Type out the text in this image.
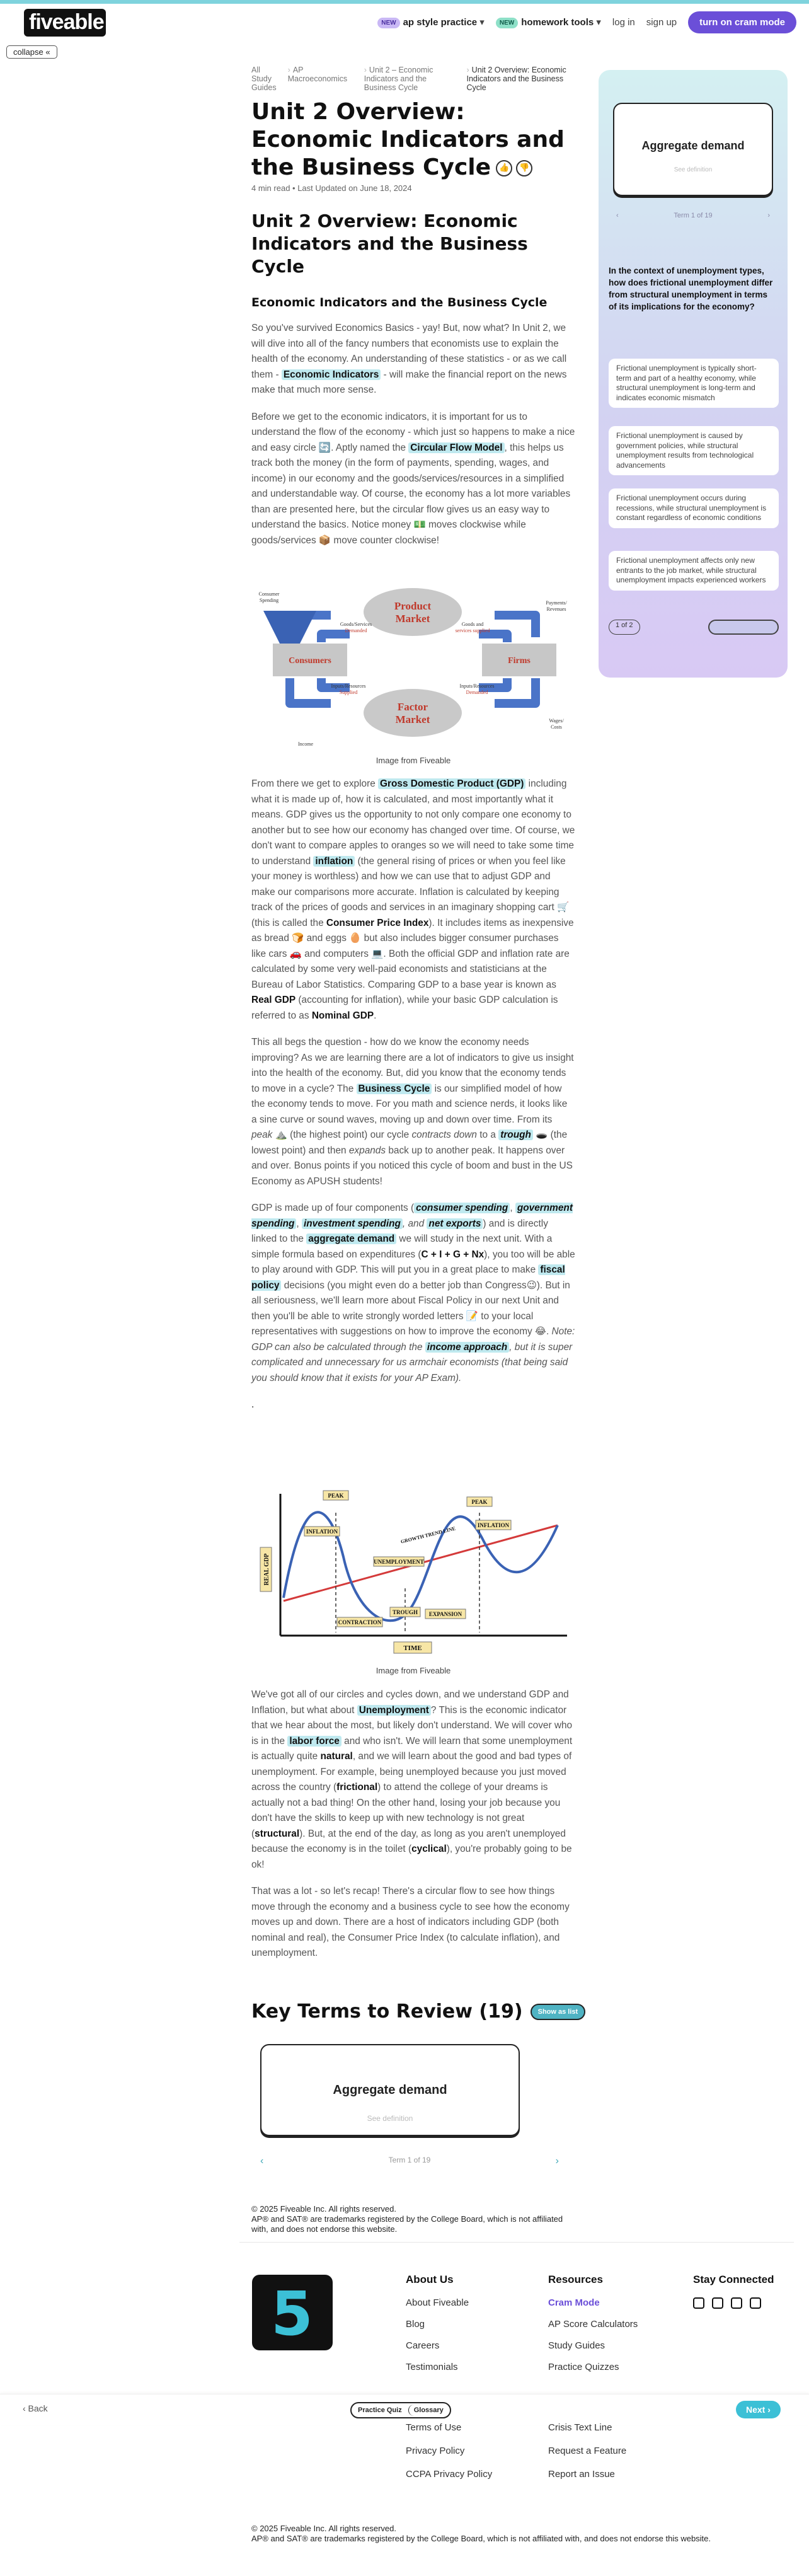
fiveable	NEW ap style practice ▾	NEW homework tools ▾ log in sign up	turn on cram mode
collapse «
All Study Guides
› AP Macroeconomics
› Unit 2 – Economic Indicators and the Business Cycle
› Unit 2 Overview: Economic Indicators and the Business Cycle
Unit 2 Overview: Economic Indicators and the Business Cycle 👍	👎
4 min read • Last Updated on June 18, 2024
Unit 2 Overview: Economic Indicators and the Business Cycle
Economic Indicators and the Business Cycle

So you've survived Economics Basics - yay! But, now what? In Unit 2, we will dive into all of the fancy numbers that economists use to explain the health of the economy. An understanding of these statistics - or as we call them - Economic Indicators - will make the financial report on the news make that much more sense.

Before we get to the economic indicators, it is important for us to understand the flow of the economy - which just so happens to make a nice and easy circle 🔄. Aptly named the Circular Flow Model , this helps us track both the money (in the form of payments, spending, wages, and income) in our economy and the goods/services/resources in a simplified and understandable way. Of course, the economy has a lot more variables than are presented here, but the circular flow gives us an easy way to understand the basics. Notice money 💵 moves clockwise while goods/services 📦 move counter clockwise!

Product
Market
Factor
Market
Consumers	Firms
Consumer
Spending	Payments/
Revenues
Goods/Services
Demanded
Goods and
services supplied
Inputs/Resources
Supplied
Inputs/Resources
Demanded
Income
Wages/
Costs
Image from Fiveable

From there we get to explore Gross Domestic Product (GDP) including what it is made up of, how it is calculated, and most importantly what it means. GDP gives us the opportunity to not only compare one economy to another but to see how our economy has changed over time. Of course, we don't want to compare apples to oranges so we will need to take some time to understand inflation (the general rising of prices or when you feel like your money is worthless) and how we can use that to adjust GDP and make our comparisons more accurate. Inflation is calculated by keeping track of the prices of goods and services in an imaginary shopping cart 🛒 (this is called the Consumer Price Index). It includes items as inexpensive as bread 🍞 and eggs 🥚 but also includes bigger consumer purchases like cars 🚗 and computers 💻. Both the official GDP and inflation rate are calculated by some very well-paid economists and statisticians at the Bureau of Labor Statistics. Comparing GDP to a base year is known as Real GDP (accounting for inflation), while your basic GDP calculation is referred to as Nominal GDP.

This all begs the question - how do we know the economy needs improving? As we are learning there are a lot of indicators to give us insight into the health of the economy. But, did you know that the economy tends to move in a cycle? The Business Cycle is our simplified model of how the economy tends to move. For you math and science nerds, it looks like a sine curve or sound waves, moving up and down over time. From its peak ⛰️ (the highest point) our cycle contracts down to a trough 🕳️ (the lowest point) and then expands back up to another peak. It happens over and over. Bonus points if you noticed this cycle of boom and bust in the US Economy as APUSH students!

GDP is made up of four components ( consumer spending , government spending , investment spending , and net exports ) and is directly linked to the aggregate demand we will study in the next unit. With a simple formula based on expenditures (C + I + G + Nx), you too will be able to play around with GDP. This will put you in a great place to make fiscal policy decisions (you might even do a better job than Congress😉). But in all seriousness, we'll learn more about Fiscal Policy in our next Unit and then you'll be able to write strongly worded letters 📝 to your local representatives with suggestions on how to improve the economy 😂. Note: GDP can also be calculated through the income approach , but it is super complicated and unnecessary for us armchair economists (that being said you should know that it exists for your AP Exam).

.

PEAK
PEAK
INFLATION
INFLATION
GROWTH TREND LINE
UNEMPLOYMENT
TROUGH
CONTRACTION
EXPANSION
TIME
REAL GDP
Image from Fiveable

We've got all of our circles and cycles down, and we understand GDP and Inflation, but what about Unemployment ? This is the economic indicator that we hear about the most, but likely don't understand. We will cover who is in the labor force and who isn't. We will learn that some unemployment is actually quite natural, and we will learn about the good and bad types of unemployment. For example, being unemployed because you just moved across the country (frictional) to attend the college of your dreams is actually not a bad thing! On the other hand, losing your job because you don't have the skills to keep up with new technology is not great (structural). But, at the end of the day, as long as you aren't unemployed because the economy is in the toilet (cyclical), you're probably going to be ok!

That was a lot - so let's recap! There's a circular flow to see how things move through the economy and a business cycle to see how the economy moves up and down. There are a host of indicators including GDP (both nominal and real), the Consumer Price Index (to calculate inflation), and unemployment.

Key Terms to Review (19)	Show as list
Aggregate demand
See definition
‹	Term 1 of 19	›
© 2025 Fiveable Inc. All rights reserved.
AP® and SAT® are trademarks registered by the College Board, which is not affiliated with, and does not endorse this website.
Aggregate demand
See definition
‹	Term 1 of 19	›
In the context of unemployment types, how does frictional unemployment differ from structural unemployment in terms of its implications for the economy?
Frictional unemployment is typically short-term and part of a healthy economy, while structural unemployment is long-term and indicates economic mismatch
Frictional unemployment is caused by government policies, while structural unemployment results from technological advancements
Frictional unemployment occurs during recessions, while structural unemployment is constant regardless of economic conditions
Frictional unemployment affects only new entrants to the job market, while structural unemployment impacts experienced workers
1 of 2
5	About Us
About Fiveable
Blog
Careers
Testimonials
Resources
Cram Mode
AP Score Calculators
Study Guides
Practice Quizzes
Stay Connected
‹ Back	Practice Quiz	Glossary	Next ›
Terms of Use
Privacy Policy
CCPA Privacy Policy
Crisis Text Line
Request a Feature
Report an Issue
© 2025 Fiveable Inc. All rights reserved.
AP® and SAT® are trademarks registered by the College Board, which is not affiliated with, and does not endorse this website.
